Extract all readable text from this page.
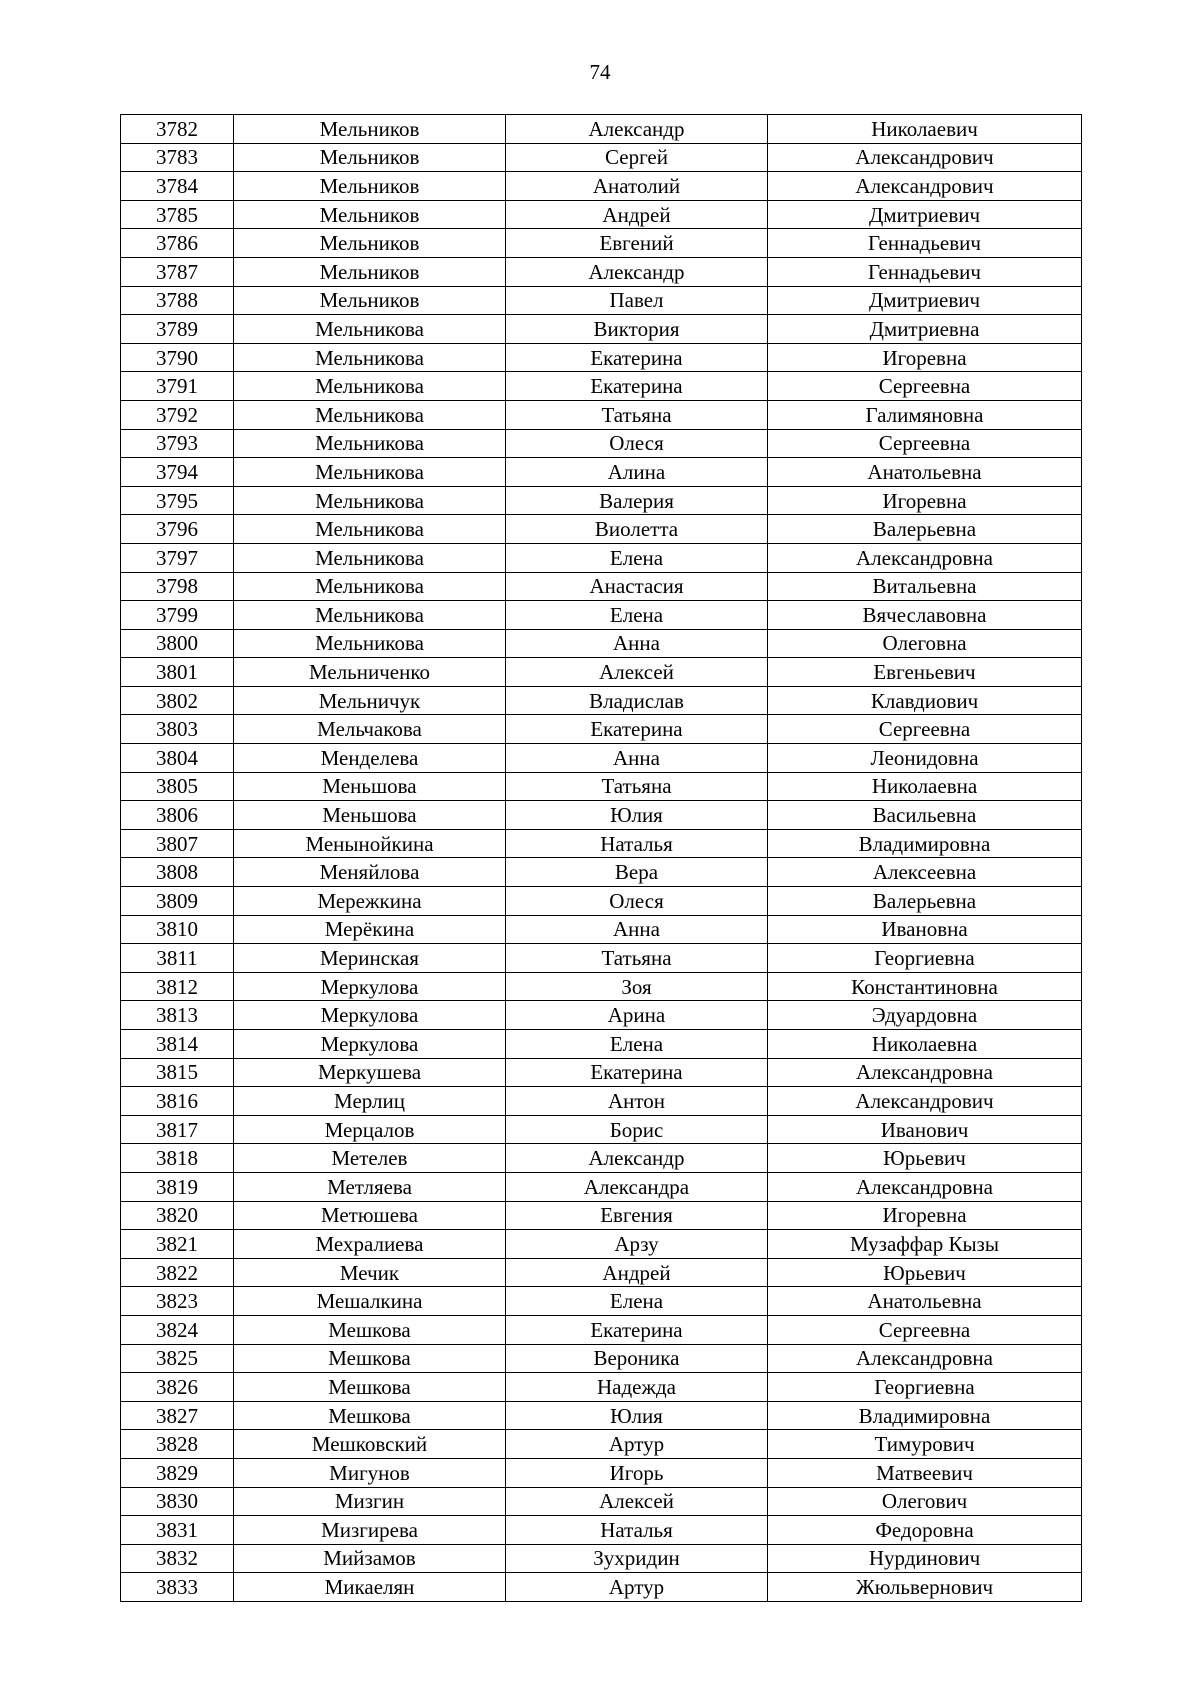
74
3782	Мельников	Александр	Николаевич
3783	Мельников	Сергей	Александрович
3784	Мельников	Анатолий	Александрович
3785	Мельников	Андрей	Дмитриевич
3786	Мельников	Евгений	Геннадьевич
3787	Мельников	Александр	Геннадьевич
3788	Мельников	Павел	Дмитриевич
3789	Мельникова	Виктория	Дмитриевна
3790	Мельникова	Екатерина	Игоревна
3791	Мельникова	Екатерина	Сергеевна
3792	Мельникова	Татьяна	Галимяновна
3793	Мельникова	Олеся	Сергеевна
3794	Мельникова	Алина	Анатольевна
3795	Мельникова	Валерия	Игоревна
3796	Мельникова	Виолетта	Валерьевна
3797	Мельникова	Елена	Александровна
3798	Мельникова	Анастасия	Витальевна
3799	Мельникова	Елена	Вячеславовна
3800	Мельникова	Анна	Олеговна
3801	Мельниченко	Алексей	Евгеньевич
3802	Мельничук	Владислав	Клавдиович
3803	Мельчакова	Екатерина	Сергеевна
3804	Менделева	Анна	Леонидовна
3805	Меньшова	Татьяна	Николаевна
3806	Меньшова	Юлия	Васильевна
3807	Менынойкина	Наталья	Владимировна
3808	Меняйлова	Вера	Алексеевна
3809	Мережкина	Олеся	Валерьевна
3810	Мерёкина	Анна	Ивановна
3811	Меринская	Татьяна	Георгиевна
3812	Меркулова	Зоя	Константиновна
3813	Меркулова	Арина	Эдуардовна
3814	Меркулова	Елена	Николаевна
3815	Меркушева	Екатерина	Александровна
3816	Мерлиц	Антон	Александрович
3817	Мерцалов	Борис	Иванович
3818	Метелев	Александр	Юрьевич
3819	Метляева	Александра	Александровна
3820	Метюшева	Евгения	Игоревна
3821	Мехралиева	Арзу	Музаффар Кызы
3822	Мечик	Андрей	Юрьевич
3823	Мешалкина	Елена	Анатольевна
3824	Мешкова	Екатерина	Сергеевна
3825	Мешкова	Вероника	Александровна
3826	Мешкова	Надежда	Георгиевна
3827	Мешкова	Юлия	Владимировна
3828	Мешковский	Артур	Тимурович
3829	Мигунов	Игорь	Матвеевич
3830	Мизгин	Алексей	Олегович
3831	Мизгирева	Наталья	Федоровна
3832	Мийзамов	Зухридин	Нурдинович
3833	Микаелян	Артур	Жюльвернович
